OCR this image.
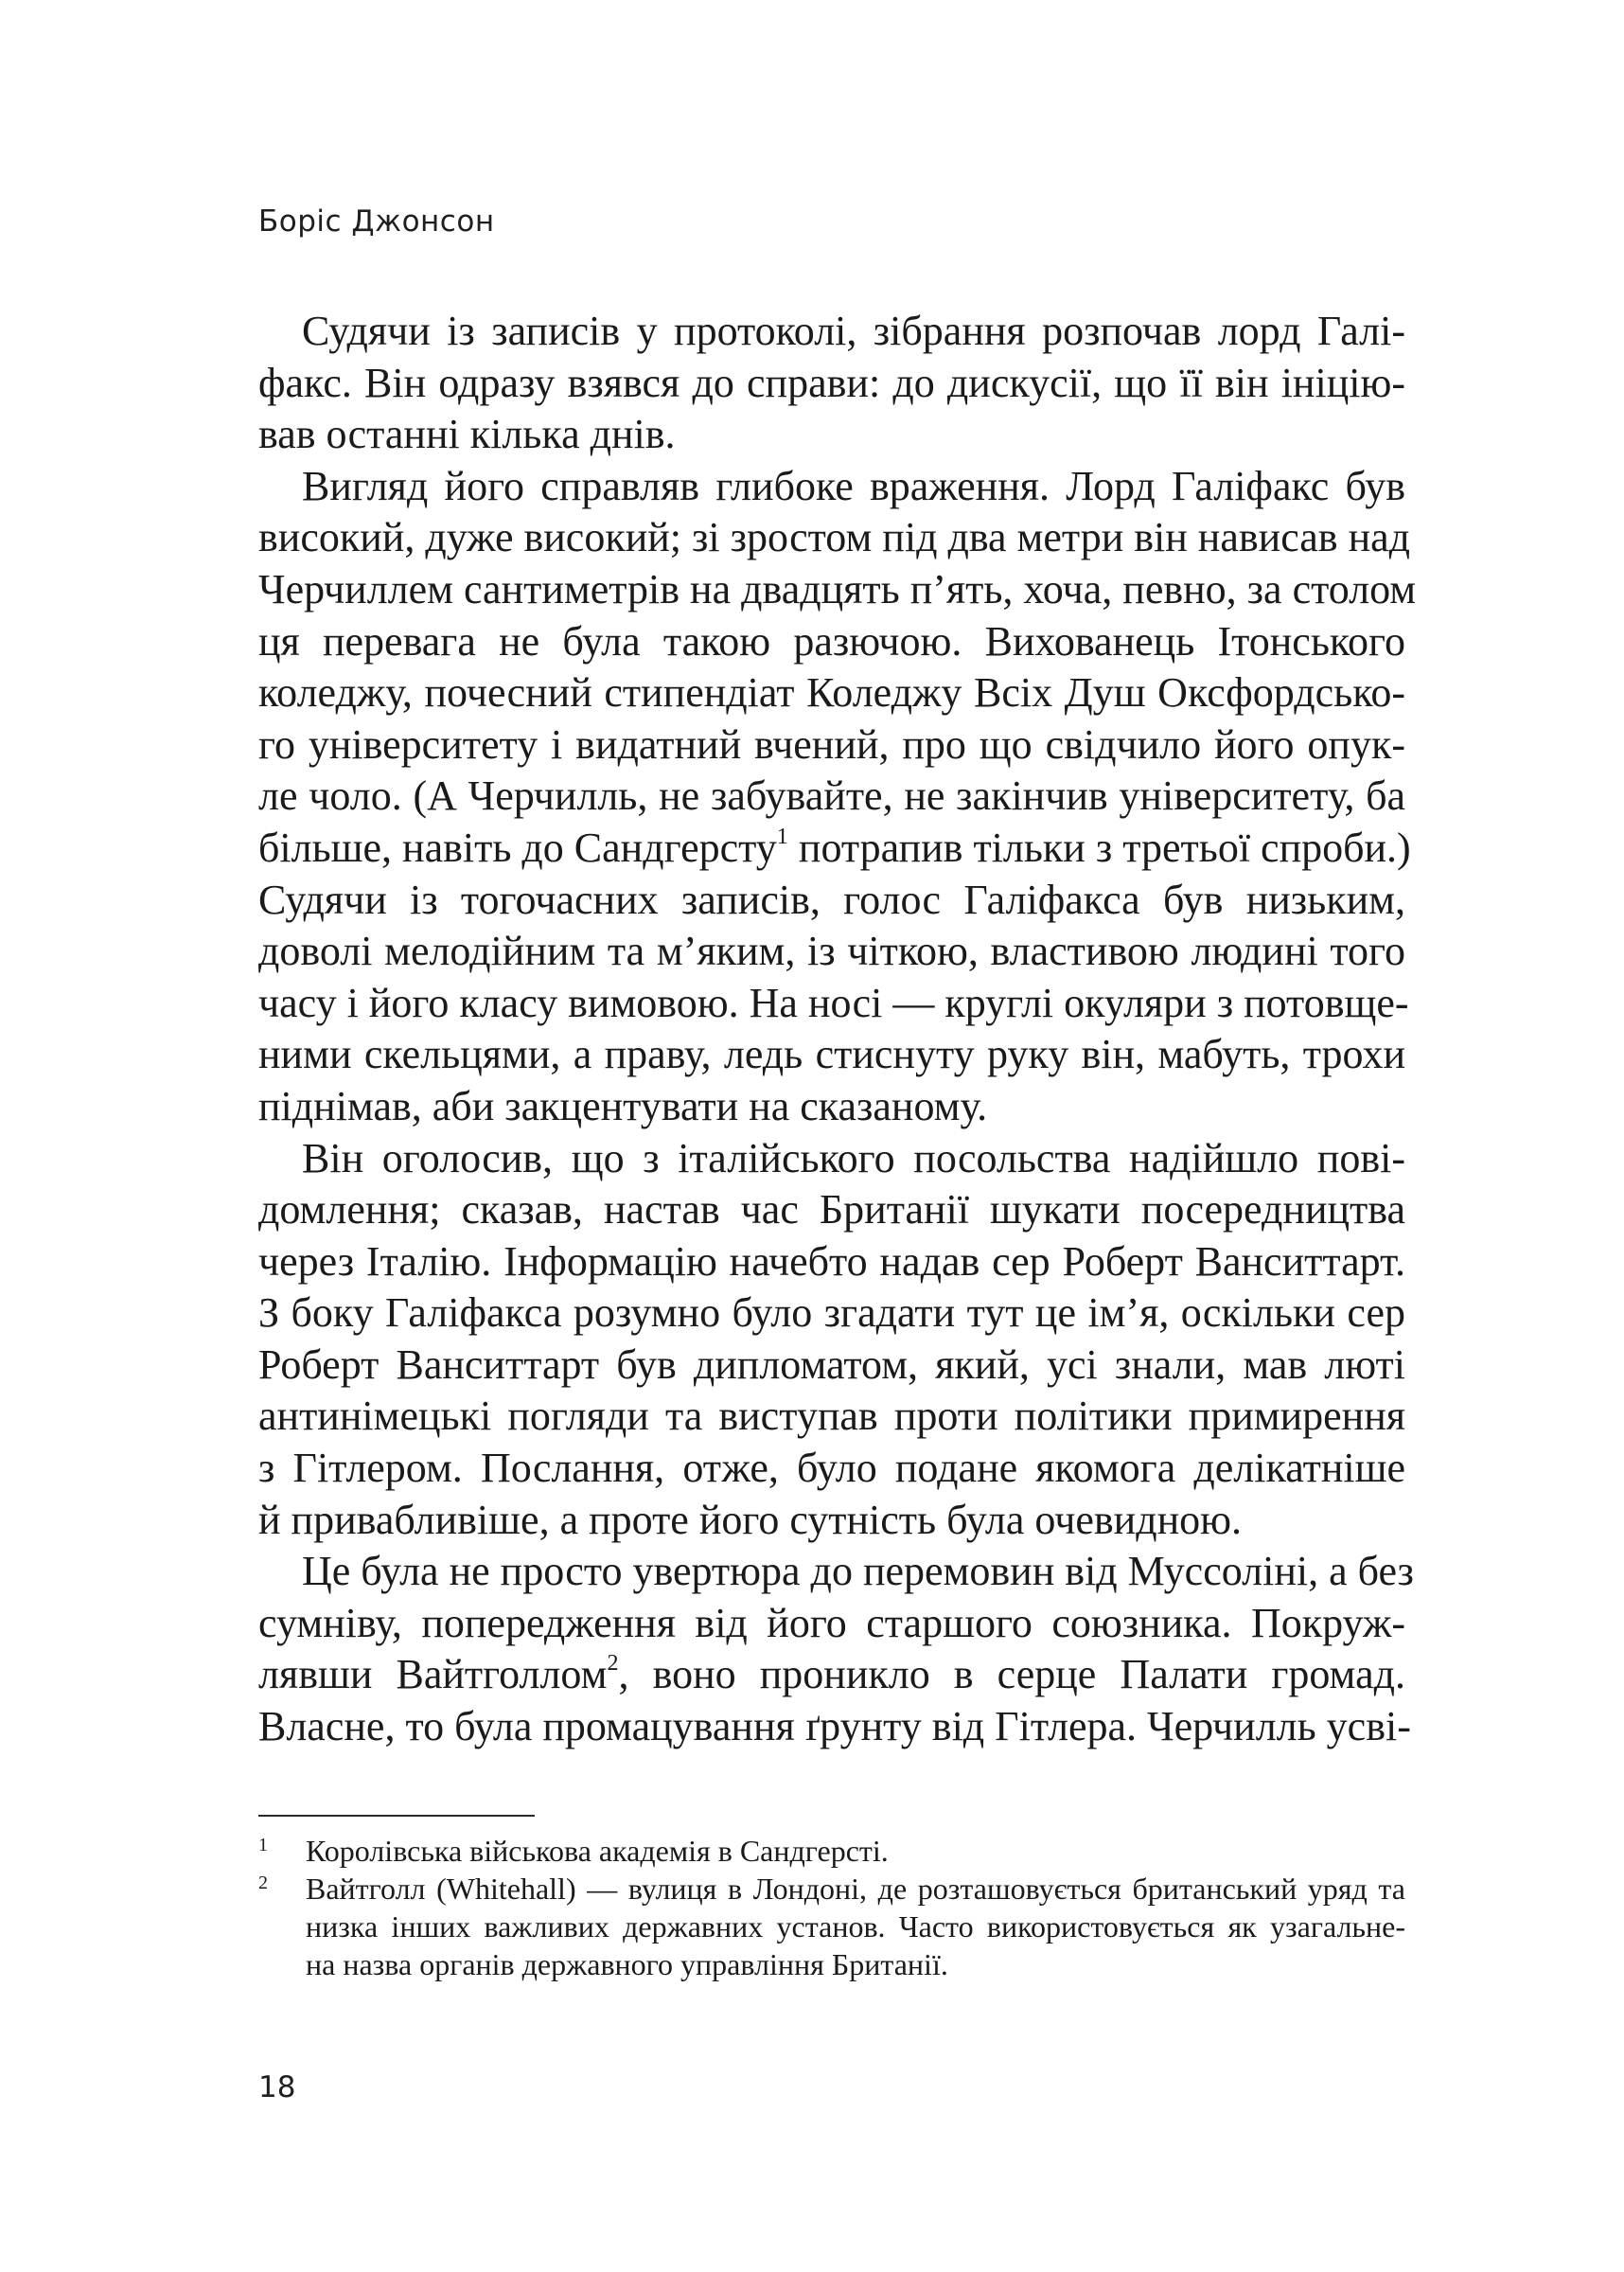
Боріс Джонсон

Судячи із записів у протоколі, зібрання розпочав лорд Галі-
факс. Він одразу взявся до справи: до дискусії, що її він ініцію-
вав останні кілька днів.

Вигляд його справляв глибоке враження. Лорд Галіфакс був
високий, дуже високий; зі зростом під два метри він нависав над
Черчиллем сантиметрів на двадцять п’ять, хоча, певно, за столом
ця перевага не була такою разючою. Вихованець Ітонського
коледжу, почесний стипендіат Коледжу Всіх Душ Оксфордсько-
го університету і видатний вчений, про що свідчило його опук-
ле чоло. (А Черчилль, не забувайте, не закінчив університету, ба
більше, навіть до Сандгерсту$^1$ потрапив тільки з третьої спроби.)
Судячи із тогочасних записів, голос Галіфакса був низьким,
доволі мелодійним та м’яким, із чіткою, властивою людині того
часу і його класу вимовою. На носі — круглі окуляри з потовще-
ними скельцями, а праву, ледь стиснуту руку він, мабуть, трохи
піднімав, аби закцентувати на сказаному.

Він оголосив, що з італійського посольства надійшло пові-
домлення; сказав, настав час Британії шукати посередництва
через Італію. Інформацію начебто надав сер Роберт Ванситтарт.
З боку Галіфакса розумно було згадати тут це ім’я, оскільки сер
Роберт Ванситтарт був дипломатом, який, усі знали, мав люті
антинімецькі погляди та виступав проти політики примирення
з Гітлером. Послання, отже, було подане якомога делікатніше
й привабливіше, а проте його сутність була очевидною.

Це була не просто увертюра до перемовин від Муссоліні, а без
сумніву, попередження від його старшого союзника. Покруж-
лявши Вайтголлом$^2$, воно проникло в серце Палати громад.
Власне, то була промацування ґрунту від Гітлера. Черчилль усві-

1 Королівська військова академія в Сандгерсті.
2 Вайтголл (Whitehall) — вулиця в Лондоні, де розташовується британський уряд та
низка інших важливих державних установ. Часто використовується як узагальне-
на назва органів державного управління Британії.
18
